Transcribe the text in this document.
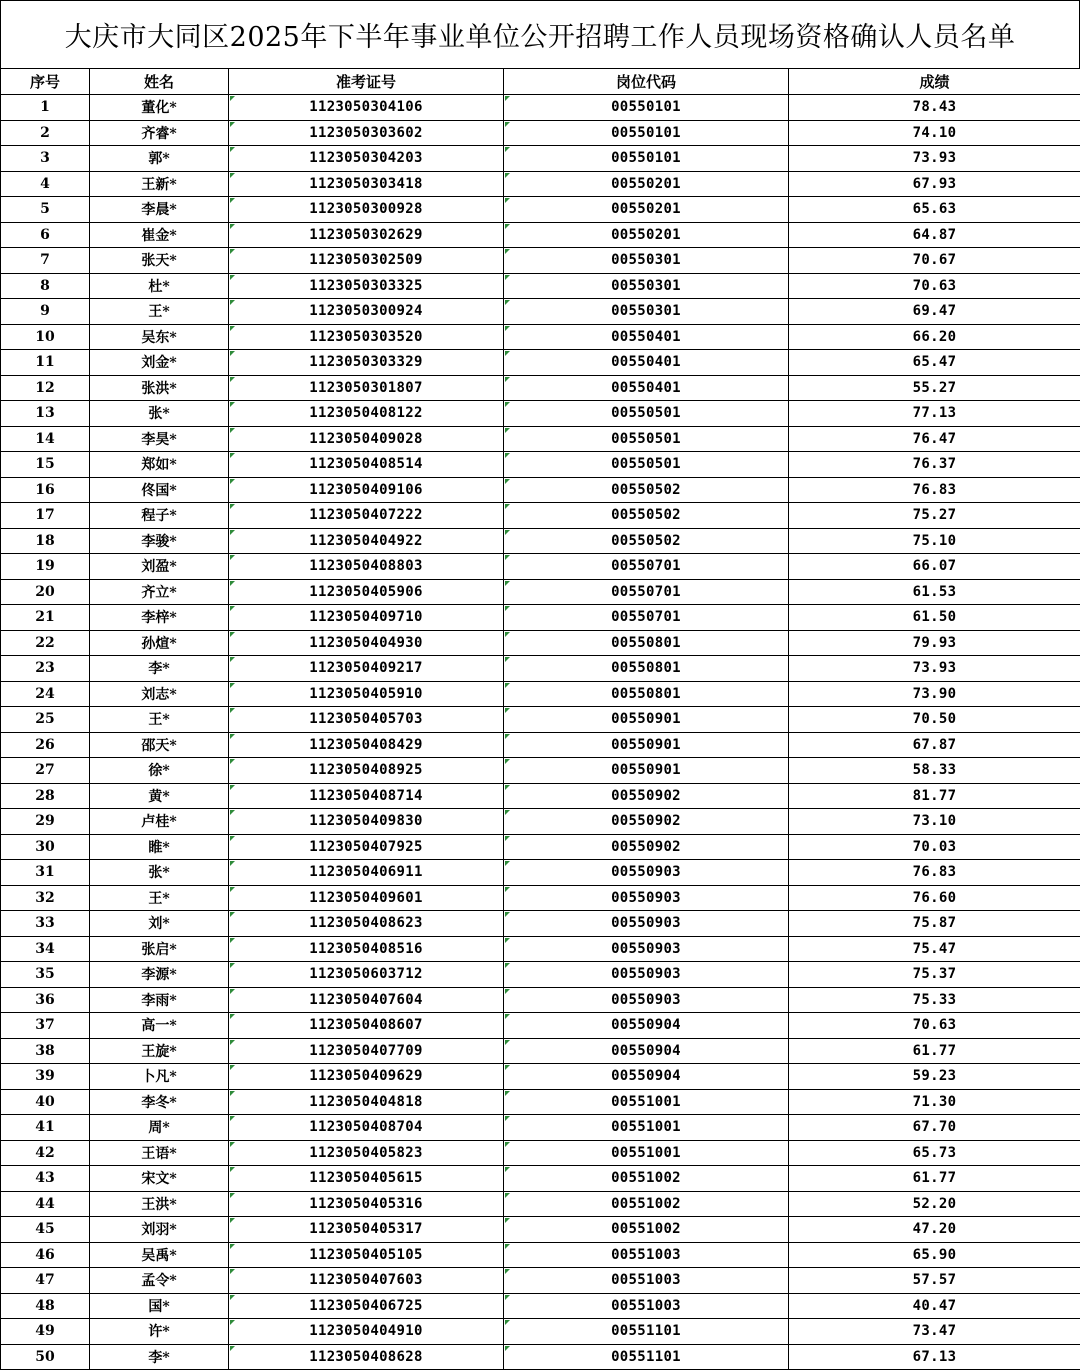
大庆市大同区2025年下半年事业单位公开招聘工作人员现场资格确认人员名单
序号	姓名	准考证号	岗位代码	成绩
1	董化*	1123050304106	00550101	78.43
2	齐睿*	1123050303602	00550101	74.10
3	郭*	1123050304203	00550101	73.93
4	王新*	1123050303418	00550201	67.93
5	李晨*	1123050300928	00550201	65.63
6	崔金*	1123050302629	00550201	64.87
7	张天*	1123050302509	00550301	70.67
8	杜*	1123050303325	00550301	70.63
9	王*	1123050300924	00550301	69.47
10	吴东*	1123050303520	00550401	66.20
11	刘金*	1123050303329	00550401	65.47
12	张洪*	1123050301807	00550401	55.27
13	张*	1123050408122	00550501	77.13
14	李昊*	1123050409028	00550501	76.47
15	郑如*	1123050408514	00550501	76.37
16	佟国*	1123050409106	00550502	76.83
17	程子*	1123050407222	00550502	75.27
18	李骏*	1123050404922	00550502	75.10
19	刘盈*	1123050408803	00550701	66.07
20	齐立*	1123050405906	00550701	61.53
21	李梓*	1123050409710	00550701	61.50
22	孙煊*	1123050404930	00550801	79.93
23	李*	1123050409217	00550801	73.93
24	刘志*	1123050405910	00550801	73.90
25	王*	1123050405703	00550901	70.50
26	邵天*	1123050408429	00550901	67.87
27	徐*	1123050408925	00550901	58.33
28	黄*	1123050408714	00550902	81.77
29	卢桂*	1123050409830	00550902	73.10
30	睢*	1123050407925	00550902	70.03
31	张*	1123050406911	00550903	76.83
32	王*	1123050409601	00550903	76.60
33	刘*	1123050408623	00550903	75.87
34	张启*	1123050408516	00550903	75.47
35	李源*	1123050603712	00550903	75.37
36	李雨*	1123050407604	00550903	75.33
37	高一*	1123050408607	00550904	70.63
38	王旋*	1123050407709	00550904	61.77
39	卜凡*	1123050409629	00550904	59.23
40	李冬*	1123050404818	00551001	71.30
41	周*	1123050408704	00551001	67.70
42	王语*	1123050405823	00551001	65.73
43	宋文*	1123050405615	00551002	61.77
44	王洪*	1123050405316	00551002	52.20
45	刘羽*	1123050405317	00551002	47.20
46	吴禹*	1123050405105	00551003	65.90
47	孟令*	1123050407603	00551003	57.57
48	国*	1123050406725	00551003	40.47
49	许*	1123050404910	00551101	73.47
50	李*	1123050408628	00551101	67.13
